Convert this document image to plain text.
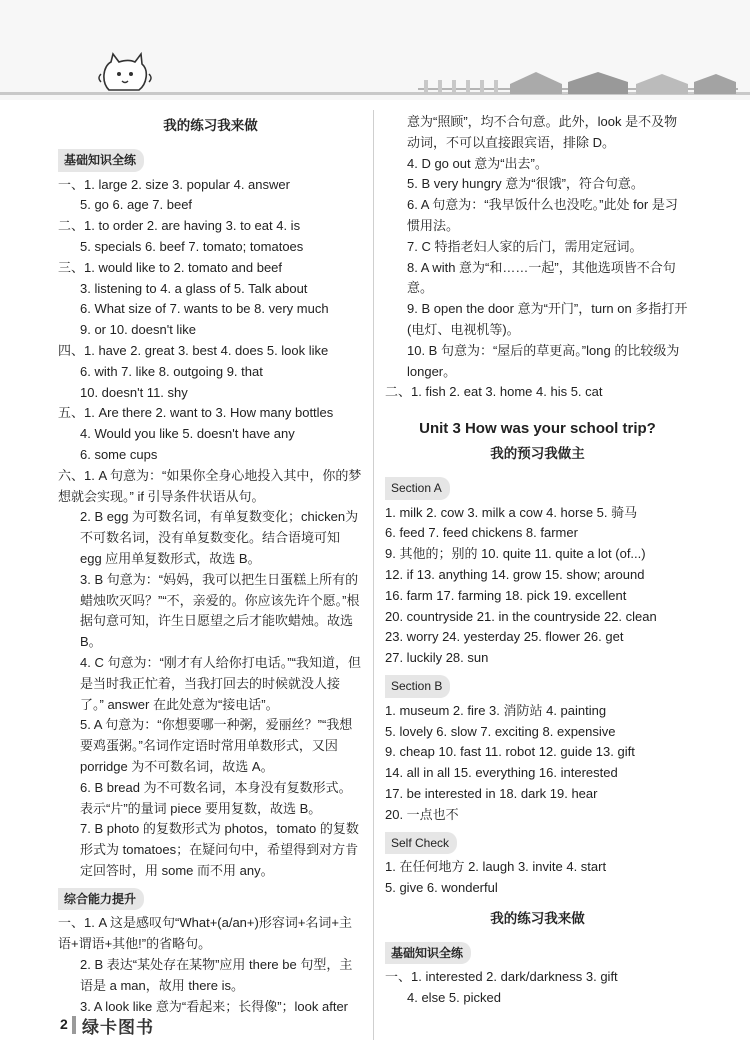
我的练习我来做
基础知识全练
一、1. large 2. size 3. popular 4. answer
5. go 6. age 7. beef
二、1. to order 2. are having 3. to eat 4. is
5. specials 6. beef 7. tomato; tomatoes
三、1. would like to 2. tomato and beef
3. listening to 4. a glass of 5. Talk about
6. What size of 7. wants to be 8. very much
9. or 10. doesn't like
四、1. have 2. great 3. best 4. does 5. look like
6. with 7. like 8. outgoing 9. that
10. doesn't 11. shy
五、1. Are there 2. want to 3. How many bottles
4. Would you like 5. doesn't have any
6. some cups
六、1. A 句意为：“如果你全身心地投入其中，你的梦想就会实现。” if 引导条件状语从句。
2. B egg 为可数名词，有单复数变化；chicken为不可数名词，没有单复数变化。结合语境可知 egg 应用单复数形式，故选 B。
3. B 句意为：“妈妈，我可以把生日蛋糕上所有的蜡烛吹灭吗？”“不，亲爱的。你应该先许个愿。”根据句意可知，许生日愿望之后才能吹蜡烛。故选 B。
4. C 句意为：“刚才有人给你打电话。”“我知道，但是当时我正忙着，当我打回去的时候就没人接了。” answer 在此处意为“接电话”。
5. A 句意为：“你想要哪一种粥，爱丽丝？”“我想要鸡蛋粥。”名词作定语时常用单数形式，又因 porridge 为不可数名词，故选 A。
6. B bread 为不可数名词，本身没有复数形式。表示“片”的量词 piece 要用复数，故选 B。
7. B photo 的复数形式为 photos，tomato 的复数形式为 tomatoes；在疑问句中，希望得到对方肯定回答时，用 some 而不用 any。
综合能力提升
一、1. A 这是感叹句“What+(a/an+)形容词+名词+主语+谓语+其他!”的省略句。
2. B 表达“某处存在某物”应用 there be 句型，主语是 a man，故用 there is。
3. A look like 意为“看起来；长得像”；look after
意为“照顾”，均不合句意。此外，look 是不及物动词，不可以直接跟宾语，排除 D。
4. D go out 意为“出去”。
5. B very hungry 意为“很饿”，符合句意。
6. A 句意为：“我早饭什么也没吃。”此处 for 是习惯用法。
7. C 特指老妇人家的后门，需用定冠词。
8. A with 意为“和……一起”，其他选项皆不合句意。
9. B open the door 意为“开门”，turn on 多指打开(电灯、电视机等)。
10. B 句意为：“屋后的草更高。”long 的比较级为 longer。
二、1. fish 2. eat 3. home 4. his 5. cat
Unit 3 How was your school trip?
我的预习我做主
Section A
1. milk 2. cow 3. milk a cow 4. horse 5. 骑马
6. feed 7. feed chickens 8. farmer
9. 其他的；别的 10. quite 11. quite a lot (of...)
12. if 13. anything 14. grow 15. show; around
16. farm 17. farming 18. pick 19. excellent
20. countryside 21. in the countryside 22. clean
23. worry 24. yesterday 25. flower 26. get
27. luckily 28. sun
Section B
1. museum 2. fire 3. 消防站 4. painting
5. lovely 6. slow 7. exciting 8. expensive
9. cheap 10. fast 11. robot 12. guide 13. gift
14. all in all 15. everything 16. interested
17. be interested in 18. dark 19. hear
20. 一点也不
Self Check
1. 在任何地方 2. laugh 3. invite 4. start
5. give 6. wonderful
我的练习我来做
基础知识全练
一、1. interested 2. dark/darkness 3. gift
4. else 5. picked
2 绿卡图书
